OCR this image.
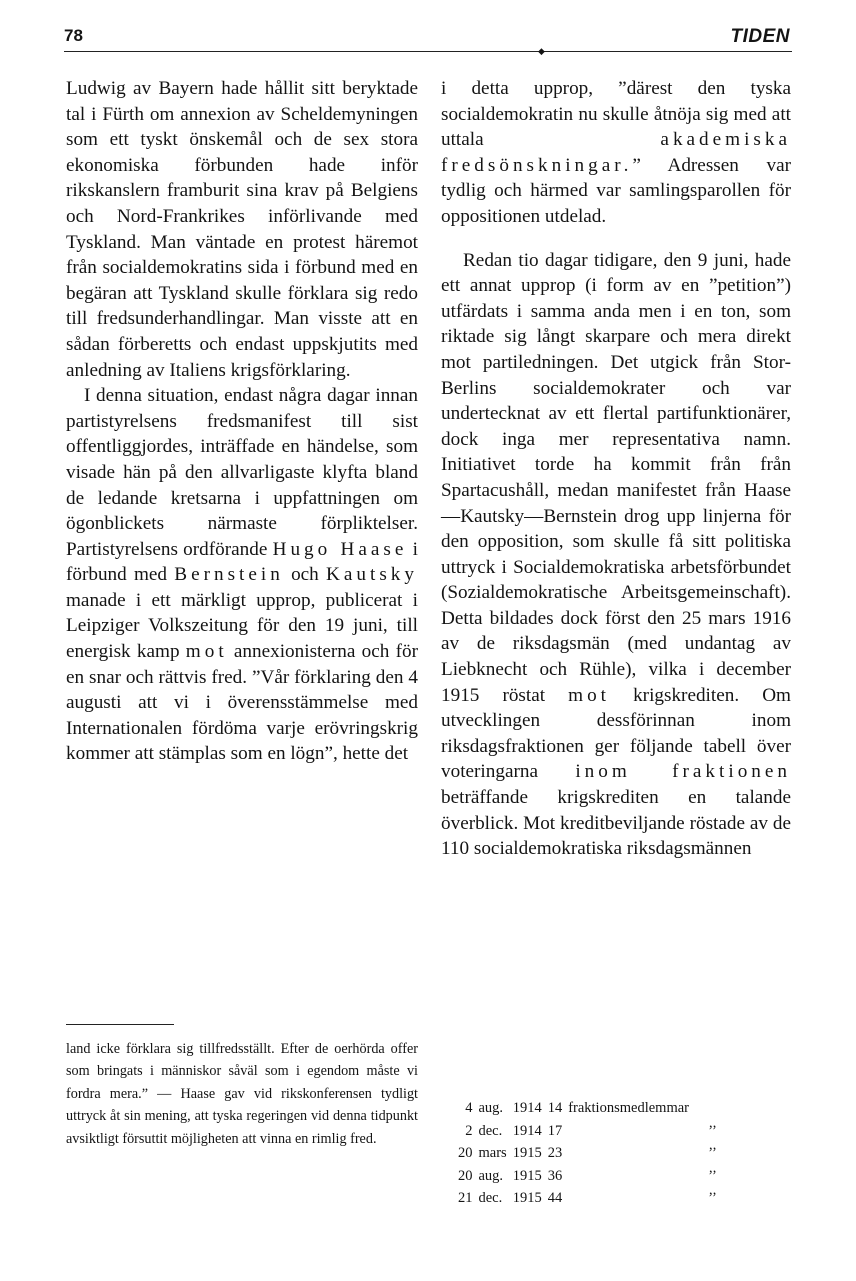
78	TIDEN
◆

Ludwig av Bayern hade hållit sitt beryktade tal i Fürth om annexion av Scheldemyningen som ett tyskt önskemål och de sex stora ekonomiska förbunden hade inför rikskanslern framburit sina krav på Belgiens och Nord-Frankrikes införlivande med Tyskland. Man väntade en protest häremot från socialdemokratins sida i förbund med en begäran att Tyskland skulle förklara sig redo till fredsunderhandlingar. Man visste att en sådan förberetts och endast uppskjutits med anledning av Italiens krigsförklaring.

I denna situation, endast några dagar innan partistyrelsens fredsmanifest till sist offentliggjordes, inträffade en händelse, som visade hän på den allvarligaste klyfta bland de ledande kretsarna i uppfattningen om ögonblickets närmaste förpliktelser. Partistyrelsens ordförande Hugo Haase i förbund med Bernstein och Kautsky manade i ett märkligt upprop, publicerat i Leipziger Volkszeitung för den 19 juni, till energisk kamp mot annexionisterna och för en snar och rättvis fred. ”Vår förklaring den 4 augusti att vi i överensstämmelse med Internationalen fördöma varje erövringskrig kommer att stämplas som en lögn”, hette det

land icke förklara sig tillfredsställt. Efter de oerhörda offer som bringats i människor såväl som i egendom måste vi fordra mera.” — Haase gav vid rikskonferensen tydligt uttryck åt sin mening, att tyska regeringen vid denna tidpunkt avsiktligt försuttit möjligheten att vinna en rimlig fred.

i detta upprop, ”därest den tyska socialdemokratin nu skulle åtnöja sig med att uttala akademiska fredsönskningar.” Adressen var tydlig och härmed var samlingsparollen för oppositionen utdelad.

Redan tio dagar tidigare, den 9 juni, hade ett annat upprop (i form av en ”petition”) utfärdats i samma anda men i en ton, som riktade sig långt skarpare och mera direkt mot partiledningen. Det utgick från Stor-Berlins socialdemokrater och var undertecknat av ett flertal partifunktionärer, dock inga mer representativa namn. Initiativet torde ha kommit från från Spartacushåll, medan manifestet från Haase—Kautsky—Bernstein drog upp linjerna för den opposition, som skulle få sitt politiska uttryck i Socialdemokratiska arbetsförbundet (Sozialdemokratische Arbeitsgemeinschaft). Detta bildades dock först den 25 mars 1916 av de riksdagsmän (med undantag av Liebknecht och Rühle), vilka i december 1915 röstat mot krigskrediten. Om utvecklingen dessförinnan inom riksdagsfraktionen ger följande tabell över voteringarna inom fraktionen beträffande krigskrediten en talande överblick. Mot kreditbeviljande röstade av de 110 socialdemokratiska riksdagsmännen

4	aug.	1914	14	fraktionsmedlemmar
2	dec.	1914	17	’’
20	mars	1915	23	’’
20	aug.	1915	36	’’
21	dec.	1915	44	’’
